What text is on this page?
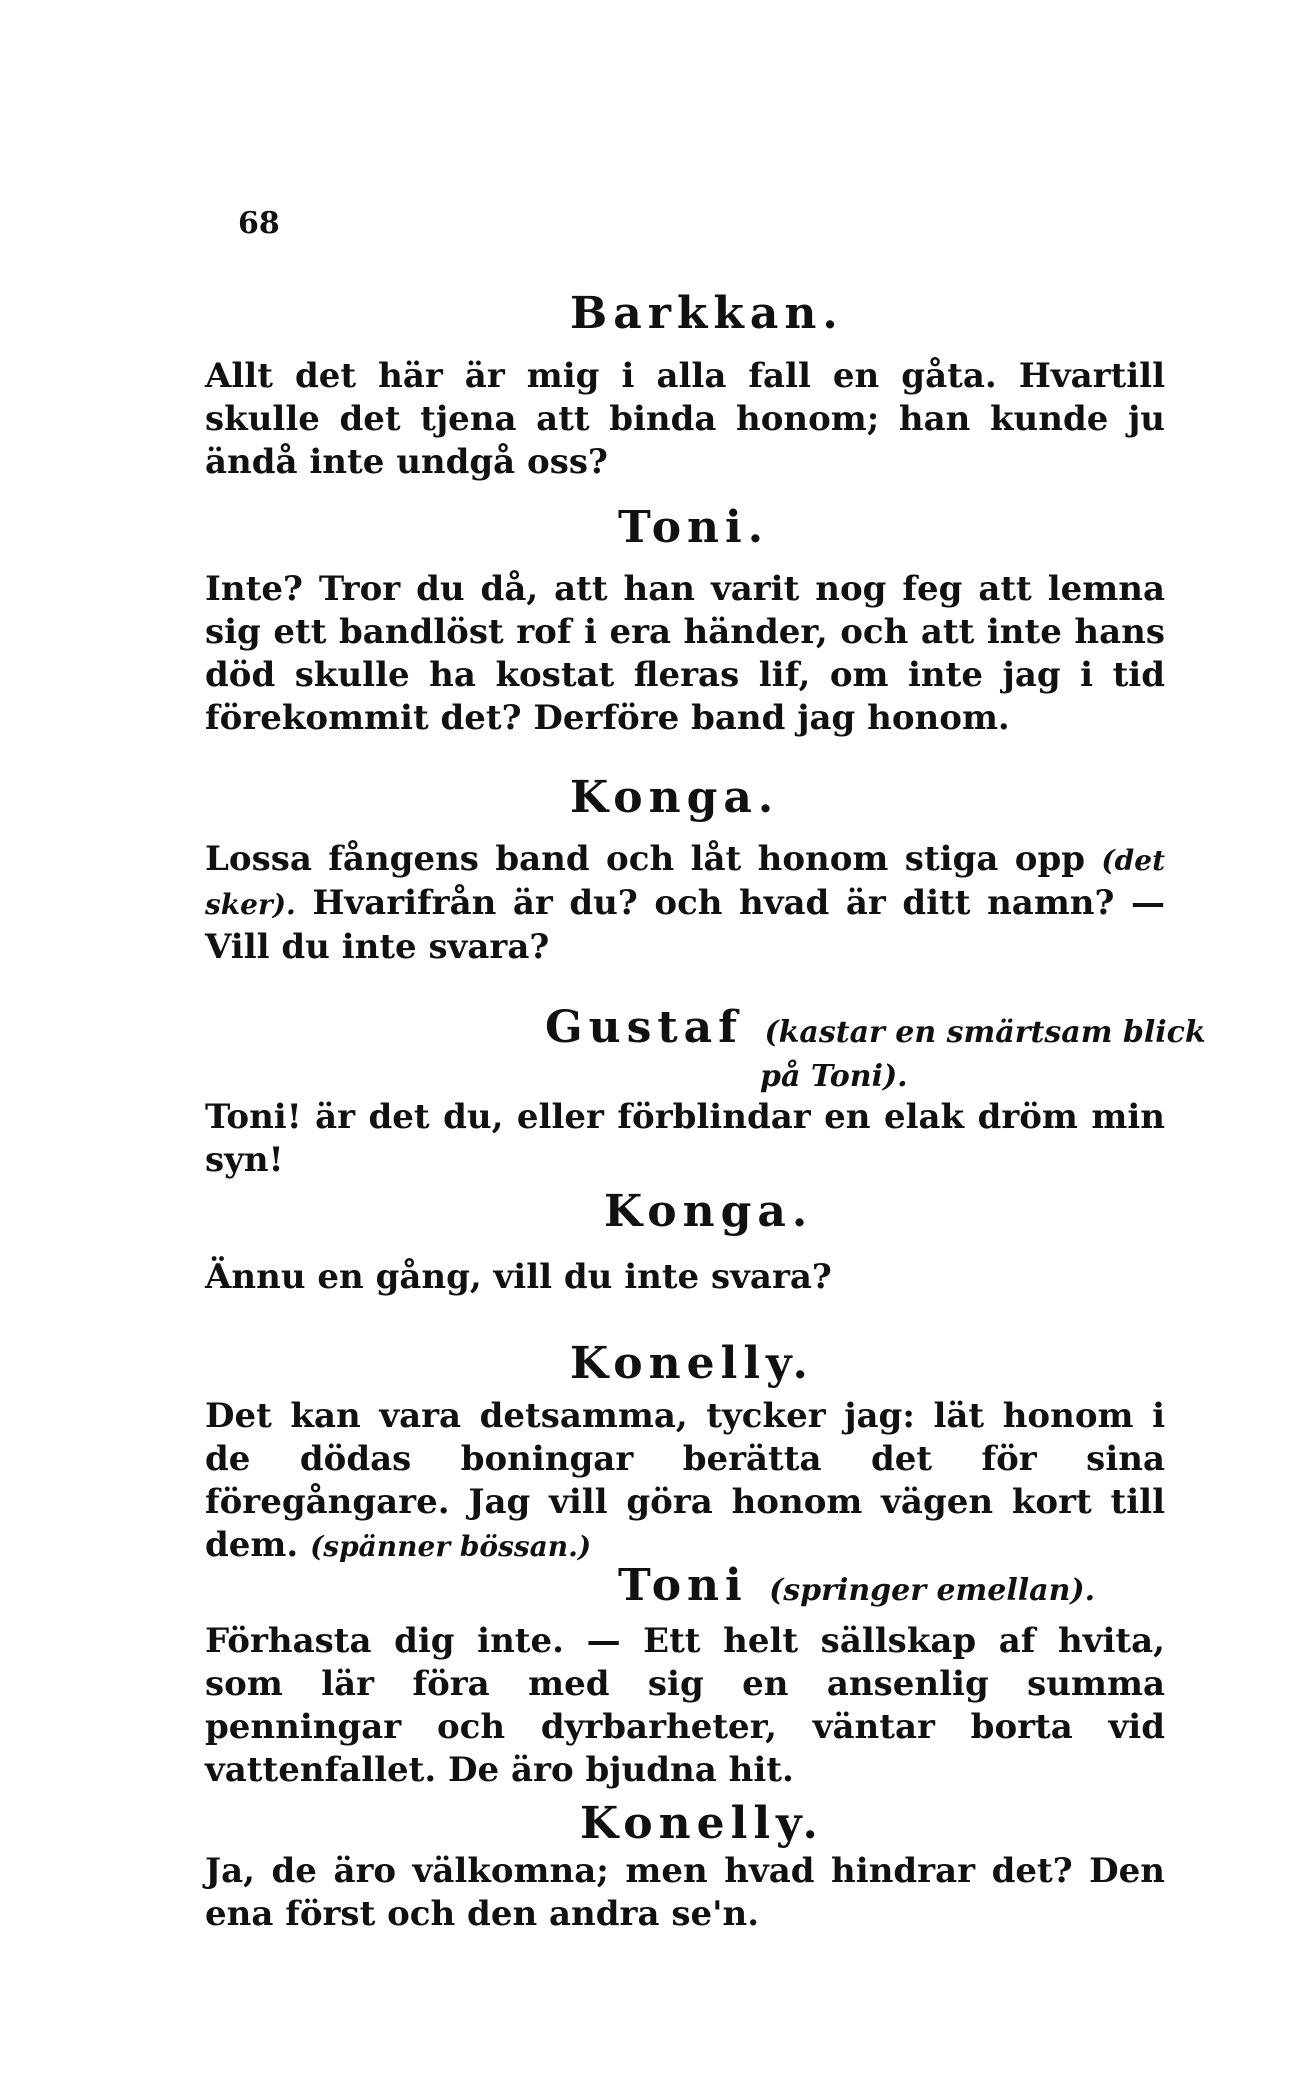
68
Barkkan.
Allt det här är mig i alla fall en gåta. Hvartill skulle det tjena att binda honom; han kunde ju ändå inte undgå oss?
Toni.
Inte? Tror du då, att han varit nog feg att lemna sig ett bandlöst rof i era händer, och att inte hans död skulle ha kostat fleras lif, om inte jag i tid förekommit det? Derföre band jag honom.
Konga.
Lossa fångens band och låt honom stiga opp (det sker). Hvarifrån är du? och hvad är ditt namn? — Vill du inte svara?
Gustaf (kastar en smärtsam blick
på Toni).
Toni! är det du, eller förblindar en elak dröm min syn!
Konga.
Ännu en gång, vill du inte svara?
Konelly.
Det kan vara detsamma, tycker jag: lät honom i de dödas boningar berätta det för sina föregångare. Jag vill göra honom vägen kort till dem. (spänner bössan.)
Toni (springer emellan).
Förhasta dig inte. — Ett helt sällskap af hvita, som lär föra med sig en ansenlig summa penningar och dyrbarheter, väntar borta vid vattenfallet. De äro bjudna hit.
Konelly.
Ja, de äro välkomna; men hvad hindrar det? Den ena först och den andra se'n.
